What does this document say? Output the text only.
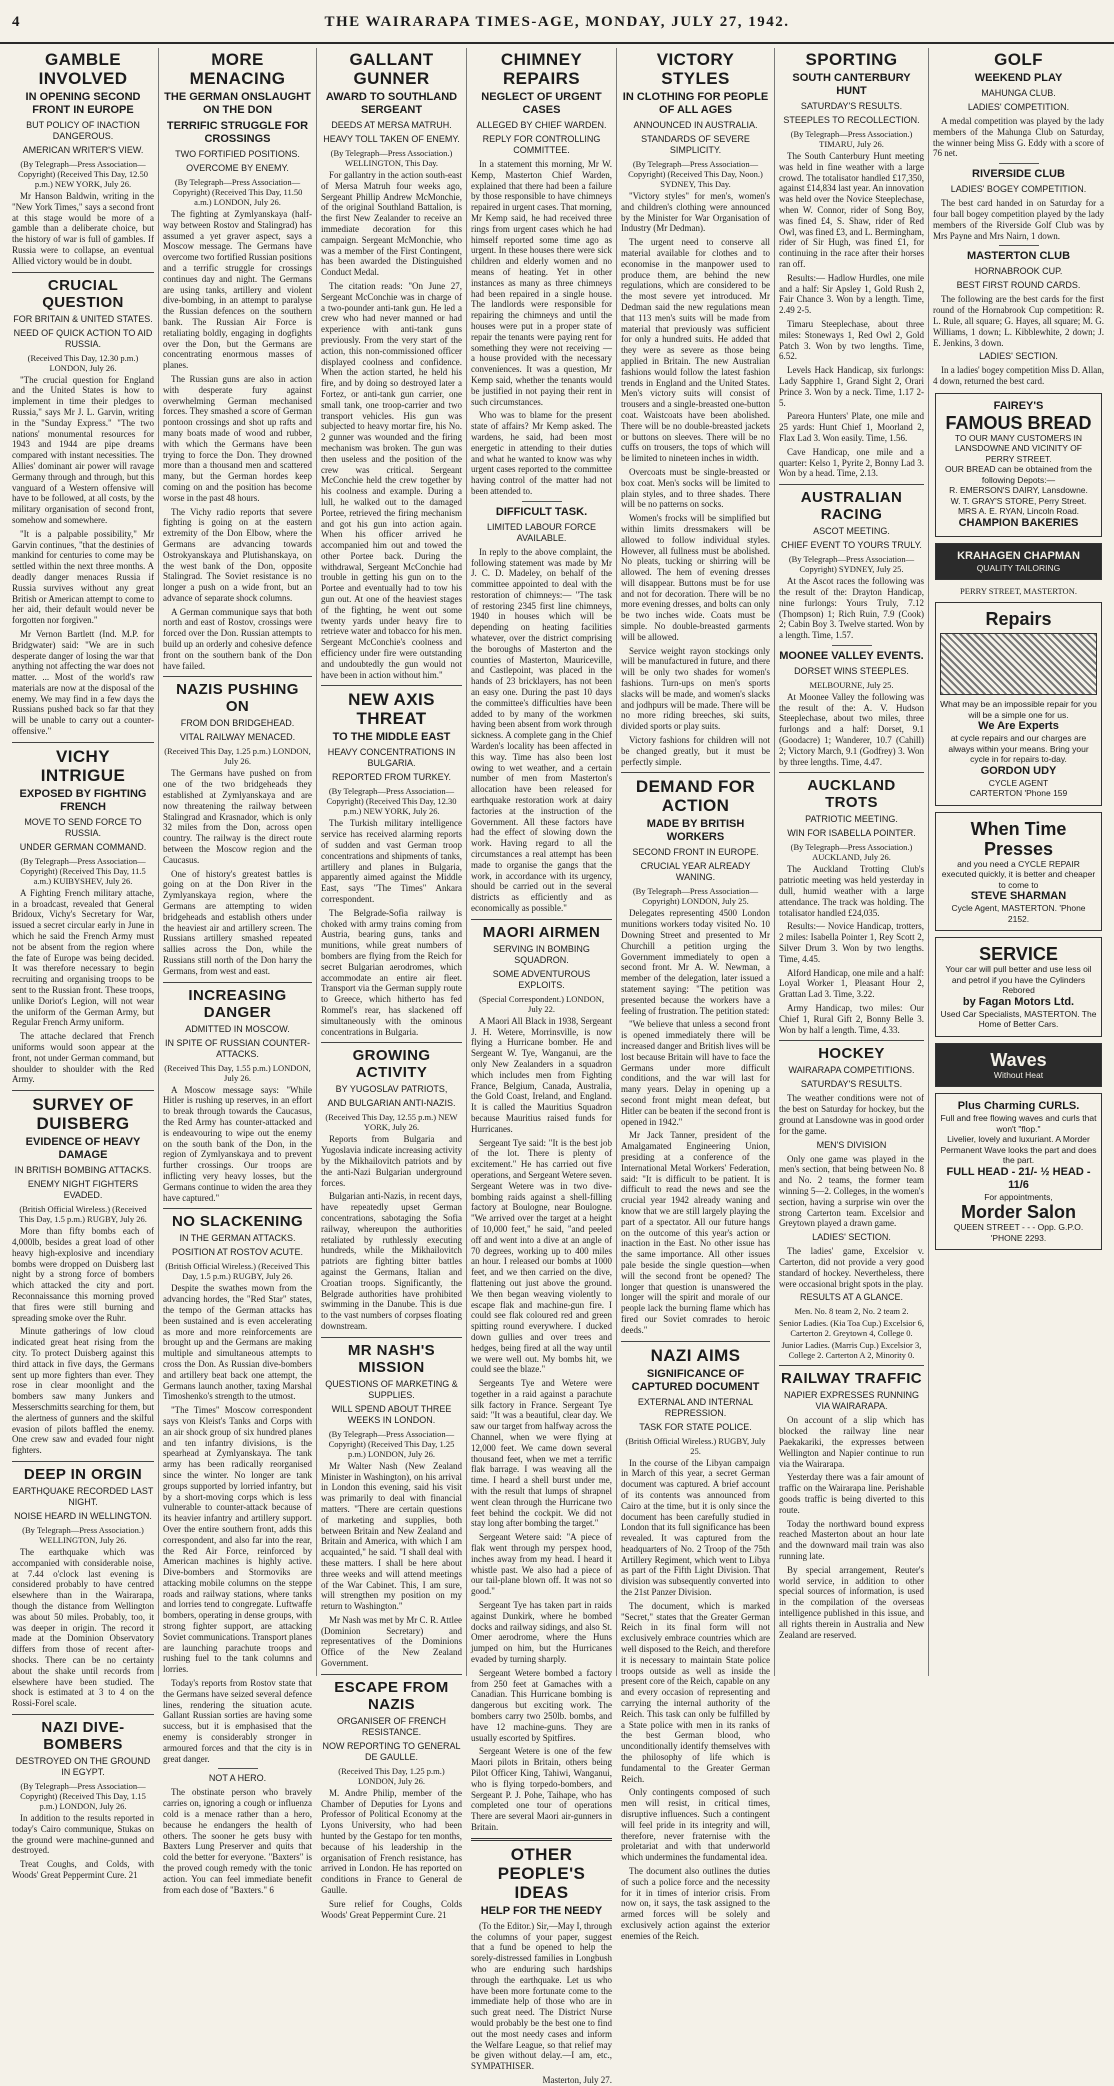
4	THE WAIRARAPA TIMES-AGE, MONDAY, JULY 27, 1942.
GAMBLE INVOLVED
IN OPENING SECOND FRONT IN EUROPE
BUT POLICY OF INACTION DANGEROUS.
AMERICAN WRITER'S VIEW.
(By Telegraph—Press Association—Copyright) (Received This Day, 12.50 p.m.) NEW YORK, July 26.

Mr Hanson Baldwin, writing in the "New York Times," says a second front at this stage would be more of a gamble than a deliberate choice, but the history of war is full of gambles. If Russia were to collapse, an eventual Allied victory would be in doubt.

CRUCIAL QUESTION
FOR BRITAIN & UNITED STATES.
NEED OF QUICK ACTION TO AID RUSSIA.
(Received This Day, 12.30 p.m.) LONDON, July 26.

"The crucial question for England and the United States is how to implement in time their pledges to Russia," says Mr J. L. Garvin, writing in the "Sunday Express." "The two nations' monumental resources for 1943 and 1944 are pipe dreams compared with instant necessities. The Allies' dominant air power will ravage Germany through and through, but this vanguard of a Western offensive will have to be followed, at all costs, by the military organisation of second front, somehow and somewhere.

"It is a palpable possibility," Mr Garvin continues, "that the destinies of mankind for centuries to come may be settled within the next three months. A deadly danger menaces Russia if Russia survives without any great British or American attempt to come to her aid, their default would never be forgotten nor forgiven."

Mr Vernon Bartlett (Ind. M.P. for Bridgwater) said: "We are in such desperate danger of losing the war that anything not affecting the war does not matter. ... Most of the world's raw materials are now at the disposal of the enemy. We may find in a few days the Russians pushed back so far that they will be unable to carry out a counter-offensive."

VICHY INTRIGUE
EXPOSED BY FIGHTING FRENCH
MOVE TO SEND FORCE TO RUSSIA.
UNDER GERMAN COMMAND.
(By Telegraph—Press Association—Copyright) (Received This Day, 11.5 a.m.) KUIBYSHEV, July 26.

A Fighting French military attache, in a broadcast, revealed that General Bridoux, Vichy's Secretary for War, issued a secret circular early in June in which he said the French Army must not be absent from the region where the fate of Europe was being decided. It was therefore necessary to begin recruiting and organising troops to be sent to the Russian front. These troops, unlike Doriot's Legion, will not wear the uniform of the German Army, but Regular French Army uniform.

The attache declared that French uniforms would soon appear at the front, not under German command, but shoulder to shoulder with the Red Army.

SURVEY OF DUISBERG
EVIDENCE OF HEAVY DAMAGE
IN BRITISH BOMBING ATTACKS.
ENEMY NIGHT FIGHTERS EVADED.
(British Official Wireless.) (Received This Day, 1.5 p.m.) RUGBY, July 26.

More than fifty bombs each of 4,000lb, besides a great load of other heavy high-explosive and incendiary bombs were dropped on Duisberg last night by a strong force of bombers which attacked the city and port. Reconnaissance this morning proved that fires were still burning and spreading smoke over the Ruhr.

Minute gatherings of low cloud indicated great heat rising from the city. To protect Duisberg against this third attack in five days, the Germans sent up more fighters than ever. They rose in clear moonlight and the bombers saw many Junkers and Messerschmitts searching for them, but the alertness of gunners and the skilful evasion of pilots baffled the enemy. One crew saw and evaded four night fighters.

DEEP IN ORGIN
EARTHQUAKE RECORDED LAST NIGHT.
NOISE HEARD IN WELLINGTON.
(By Telegraph—Press Association.) WELLINGTON, July 26.

The earthquake which was accompanied with considerable noise, at 7.44 o'clock last evening is considered probably to have centred elsewhere than in the Wairarapa, though the distance from Wellington was about 50 miles. Probably, too, it was deeper in origin. The record it made at the Dominion Observatory differs from those of recent after-shocks. There can be no certainty about the shake until records from elsewhere have been studied. The shock is estimated at 3 to 4 on the Rossi-Forel scale.

NAZI DIVE-BOMBERS
DESTROYED ON THE GROUND IN EGYPT.
(By Telegraph—Press Association—Copyright) (Received This Day, 1.15 p.m.) LONDON, July 26.

In addition to the results reported in today's Cairo communique, Stukas on the ground were machine-gunned and destroyed.

Treat Coughs, and Colds, with Woods' Great Peppermint Cure. 21

MORE MENACING
THE GERMAN ONSLAUGHT ON THE DON
TERRIFIC STRUGGLE FOR CROSSINGS
TWO FORTIFIED POSITIONS.
OVERCOME BY ENEMY.
(By Telegraph—Press Association—Copyright) (Received This Day, 11.50 a.m.) LONDON, July 26.

The fighting at Zymlyanskaya (half-way between Rostov and Stalingrad) has assumed a yet graver aspect, says a Moscow message. The Germans have overcome two fortified Russian positions and a terrific struggle for crossings continues day and night. The Germans are using tanks, artillery and violent dive-bombing, in an attempt to paralyse the Russian defences on the southern bank. The Russian Air Force is retaliating boldly, engaging in dogfights over the Don, but the Germans are concentrating enormous masses of planes.

The Russian guns are also in action with desperate fury against overwhelming German mechanised forces. They smashed a score of German pontoon crossings and shot up rafts and many boats made of wood and rubber, with which the Germans have been trying to force the Don. They drowned more than a thousand men and scattered many, but the German hordes keep coming on and the position has become worse in the past 48 hours.

The Vichy radio reports that severe fighting is going on at the eastern extremity of the Don Elbow, where the Germans are advancing towards Ostrokyanskaya and Plutishanskaya, on the west bank of the Don, opposite Stalingrad. The Soviet resistance is no longer a push on a wide front, but an advance of separate shock columns.

A German communique says that both north and east of Rostov, crossings were forced over the Don. Russian attempts to build up an orderly and cohesive defence front on the southern bank of the Don have failed.

NAZIS PUSHING ON
FROM DON BRIDGEHEAD.
VITAL RAILWAY MENACED.
(Received This Day, 1.25 p.m.) LONDON, July 26.

The Germans have pushed on from one of the two bridgeheads they established at Zymlyanskaya and are now threatening the railway between Stalingrad and Krasnador, which is only 32 miles from the Don, across open country. The railway is the direct route between the Moscow region and the Caucasus.

One of history's greatest battles is going on at the Don River in the Zymlyanskaya region, where the Germans are attempting to widen bridgeheads and establish others under the heaviest air and artillery screen. The Russians artillery smashed repeated sallies across the Don, while the Russians still north of the Don harry the Germans, from west and east.

INCREASING DANGER
ADMITTED IN MOSCOW.
IN SPITE OF RUSSIAN COUNTER-ATTACKS.
(Received This Day, 1.55 p.m.) LONDON, July 26.

A Moscow message says: "While Hitler is rushing up reserves, in an effort to break through towards the Caucasus, the Red Army has counter-attacked and is endeavouring to wipe out the enemy on the south bank of the Don, in the region of Zymlyanskaya and to prevent further crossings. Our troops are inflicting very heavy losses, but the Germans continue to widen the area they have captured."

NO SLACKENING
IN THE GERMAN ATTACKS.
POSITION AT ROSTOV ACUTE.
(British Official Wireless.) (Received This Day, 1.5 p.m.) RUGBY, July 26.

Despite the swathes mown from the advancing hordes, the "Red Star" states, the tempo of the German attacks has been sustained and is even accelerating as more and more reinforcements are brought up and the Germans are making multiple and simultaneous attempts to cross the Don. As Russian dive-bombers and artillery beat back one attempt, the Germans launch another, taxing Marshal Timoshenko's strength to the utmost.

"The Times" Moscow correspondent says von Kleist's Tanks and Corps with an air shock group of six hundred planes and ten infantry divisions, is the spearhead at Zymlyanskaya. The tank army has been radically reorganised since the winter. No longer are tank groups supported by lorried infantry, but by a short-moving corps which is less vulnerable to counter-attack because of its heavier infantry and artillery support. Over the entire southern front, adds this correspondent, and also far into the rear, the Red Air Force, reinforced by American machines is highly active. Dive-bombers and Stormoviks are attacking mobile columns on the steppe roads and railway stations, where tanks and lorries tend to congregate. Luftwaffe bombers, operating in dense groups, with strong fighter support, are attacking Soviet communications. Transport planes are launching parachute troops and rushing fuel to the tank columns and lorries.

Today's reports from Rostov state that the Germans have seized several defence lines, rendering the situation acute. Gallant Russian sorties are having some success, but it is emphasised that the enemy is considerably stronger in armoured forces and that the city is in great danger.

NOT A HERO.

The obstinate person who bravely carries on, ignoring a cough or influenza cold is a menace rather than a hero, because he endangers the health of others. The sooner he gets busy with Baxters Lung Preserver and quits that cold the better for everyone. "Baxters" is the proved cough remedy with the tonic action. You can feel immediate benefit from each dose of "Baxters." 6

GALLANT GUNNER
AWARD TO SOUTHLAND SERGEANT
DEEDS AT MERSA MATRUH.
HEAVY TOLL TAKEN OF ENEMY.
(By Telegraph—Press Association.) WELLINGTON, This Day.

For gallantry in the action south-east of Mersa Matruh four weeks ago, Sergeant Phillip Andrew McMonchie, of the original Southland Battalion, is the first New Zealander to receive an immediate decoration for this campaign. Sergeant McMonchie, who was a member of the First Contingent, has been awarded the Distinguished Conduct Medal.

The citation reads: "On June 27, Sergeant McConchie was in charge of a two-pounder anti-tank gun. He led a crew who had never manned or had experience with anti-tank guns previously. From the very start of the action, this non-commissioned officer displayed coolness and confidence. When the action started, he held his fire, and by doing so destroyed later a Fortez, or anti-tank gun carrier, one small tank, one troop-carrier and two transport vehicles. His gun was subjected to heavy mortar fire, his No. 2 gunner was wounded and the firing mechanism was broken. The gun was then useless and the position of the crew was critical. Sergeant McConchie held the crew together by his coolness and example. During a lull, he walked out to the damaged Portee, retrieved the firing mechanism and got his gun into action again. When his officer arrived he accompanied him out and towed the other Portee back. During the withdrawal, Sergeant McConchie had trouble in getting his gun on to the Portee and eventually had to tow his gun out. At one of the heaviest stages of the fighting, he went out some twenty yards under heavy fire to retrieve water and tobacco for his men. Sergeant McConchie's coolness and efficiency under fire were outstanding and undoubtedly the gun would not have been in action without him."

NEW AXIS THREAT
TO THE MIDDLE EAST
HEAVY CONCENTRATIONS IN BULGARIA.
REPORTED FROM TURKEY.
(By Telegraph—Press Association—Copyright) (Received This Day, 12.30 p.m.) NEW YORK, July 26.

The Turkish military intelligence service has received alarming reports of sudden and vast German troop concentrations and shipments of tanks, artillery and planes in Bulgaria, apparently aimed against the Middle East, says "The Times" Ankara correspondent.

The Belgrade-Sofia railway is choked with army trains coming from Austria, bearing guns, tanks and munitions, while great numbers of bombers are flying from the Reich for secret Bulgarian aerodromes, which accommodate an entire air fleet. Transport via the German supply route to Greece, which hitherto has fed Rommel's rear, has slackened off simultaneously with the ominous concentrations in Bulgaria.

GROWING ACTIVITY
BY YUGOSLAV PATRIOTS,
AND BULGARIAN ANTI-NAZIS.
(Received This Day, 12.55 p.m.) NEW YORK, July 26.

Reports from Bulgaria and Yugoslavia indicate increasing activity by the Mikhailovitch patriots and by the anti-Nazi Bulgarian underground forces.

Bulgarian anti-Nazis, in recent days, have repeatedly upset German concentrations, sabotaging the Sofia railway, whereupon the authorities retaliated by ruthlessly executing hundreds, while the Mikhailovitch patriots are fighting bitter battles against the Germans, Italian and Croatian troops. Significantly, the Belgrade authorities have prohibited swimming in the Danube. This is due to the vast numbers of corpses floating downstream.

MR NASH'S MISSION
QUESTIONS OF MARKETING & SUPPLIES.
WILL SPEND ABOUT THREE WEEKS IN LONDON.
(By Telegraph—Press Association—Copyright) (Received This Day, 1.25 p.m.) LONDON, July 26.

Mr Walter Nash (New Zealand Minister in Washington), on his arrival in London this evening, said his visit was primarily to deal with financial matters. "There are certain questions of marketing and supplies, both between Britain and New Zealand and Britain and America, with which I am acquainted," he said. "I shall deal with these matters. I shall be here about three weeks and will attend meetings of the War Cabinet. This, I am sure, will strengthen my position on my return to Washington."

Mr Nash was met by Mr C. R. Attlee (Dominion Secretary) and representatives of the Dominions Office of the New Zealand Government.

ESCAPE FROM NAZIS
ORGANISER OF FRENCH RESISTANCE.
NOW REPORTING TO GENERAL DE GAULLE.
(Received This Day, 1.25 p.m.) LONDON, July 26.

M. Andre Philip, member of the Chamber of Deputies for Lyons and Professor of Political Economy at the Lyons University, who had been hunted by the Gestapo for ten months, because of his leadership in the organisation of French resistance, has arrived in London. He has reported on conditions in France to General de Gaulle.

Sure relief for Coughs, Colds Woods' Great Peppermint Cure. 21

CHIMNEY REPAIRS
NEGLECT OF URGENT CASES
ALLEGED BY CHIEF WARDEN.
REPLY FOR CONTROLLING COMMITTEE.

In a statement this morning, Mr W. Kemp, Masterton Chief Warden, explained that there had been a failure by those responsible to have chimneys repaired in urgent cases. That morning, Mr Kemp said, he had received three rings from urgent cases which he had himself reported some time ago as urgent. In these houses there were sick children and elderly women and no means of heating. Yet in other instances as many as three chimneys had been repaired in a single house. The landlords were responsible for repairing the chimneys and until the houses were put in a proper state of repair the tenants were paying rent for something they were not receiving — a house provided with the necessary conveniences. It was a question, Mr Kemp said, whether the tenants would be justified in not paying their rent in such circumstances.

Who was to blame for the present state of affairs? Mr Kemp asked. The wardens, he said, had been most energetic in attending to their duties and what he wanted to know was why urgent cases reported to the committee having control of the matter had not been attended to.

DIFFICULT TASK.
LIMITED LABOUR FORCE AVAILABLE.

In reply to the above complaint, the following statement was made by Mr J. C. D. Madeley, on behalf of the committee appointed to deal with the restoration of chimneys:— "The task of restoring 2345 first line chimneys, 1940 in houses which will be depending on heating facilities whatever, over the district comprising the boroughs of Masterton and the counties of Masterton, Mauriceville, and Castlepoint, was placed in the hands of 23 bricklayers, has not been an easy one. During the past 10 days the committee's difficulties have been added to by many of the workmen having been absent from work through sickness. A complete gang in the Chief Warden's locality has been affected in this way. Time has also been lost owing to wet weather, and a certain number of men from Masterton's allocation have been released for earthquake restoration work at dairy factories at the instruction of the Government. All these factors have had the effect of slowing down the work. Having regard to all the circumstances a real attempt has been made to organise the gangs that the work, in accordance with its urgency, should be carried out in the several districts as efficiently and as economically as possible."

MAORI AIRMEN
SERVING IN BOMBING SQUADRON.
SOME ADVENTUROUS EXPLOITS.
(Special Correspondent.) LONDON, July 22.

A Maori All Black in 1938, Sergeant J. H. Wetere, Morrinsville, is now flying a Hurricane bomber. He and Sergeant W. Tye, Wanganui, are the only New Zealanders in a squadron which includes men from Fighting France, Belgium, Canada, Australia, the Gold Coast, Ireland, and England. It is called the Mauritius Squadron because Mauritius raised funds for Hurricanes.

Sergeant Tye said: "It is the best job of the lot. There is plenty of excitement." He has carried out five operations, and Sergeant Wetere seven. Sergeant Wetere was in two dive-bombing raids against a shell-filling factory at Boulogne, near Boulogne. "We arrived over the target at a height of 10,000 feet," he said, "and peeled off and went into a dive at an angle of 70 degrees, working up to 400 miles an hour. I released our bombs at 1000 feet, and we then carried on the dive, flattening out just above the ground. We then began weaving violently to escape flak and machine-gun fire. I could see flak coloured red and green spitting round everywhere. I ducked down gullies and over trees and hedges, being fired at all the way until we were well out. My bombs hit, we could see the blaze."

Sergeants Tye and Wetere were together in a raid against a parachute silk factory in France. Sergeant Tye said: "It was a beautiful, clear day. We saw our target from halfway across the Channel, when we were flying at 12,000 feet. We came down several thousand feet, when we met a terrific flak barrage. I was weaving all the time. I heard a shell burst under me, with the result that lumps of shrapnel went clean through the Hurricane two feet behind the cockpit. We did not stay long after bombing the target."

Sergeant Wetere said: "A piece of flak went through my perspex hood, inches away from my head. I heard it whistle past. We also had a piece of our tail-plane blown off. It was not so good."

Sergeant Tye has taken part in raids against Dunkirk, where he bombed docks and railway sidings, and also St. Omer aerodrome, where the Huns jumped on him, but the Hurricanes evaded by turning sharply.

Sergeant Wetere bombed a factory from 250 feet at Gamaches with a Canadian. This Hurricane bombing is dangerous but exciting work. The bombers carry two 250lb. bombs, and have 12 machine-guns. They are usually escorted by Spitfires.

Sergeant Wetere is one of the few Maori pilots in Britain, others being Pilot Officer King, Tahiwi, Wanganui, who is flying torpedo-bombers, and Sergeant P. J. Pohe, Taihape, who has completed one tour of operations There are several Maori air-gunners in Britain.

OTHER PEOPLE'S IDEAS
HELP FOR THE NEEDY

(To the Editor.) Sir,—May I, through the columns of your paper, suggest that a fund be opened to help the sorely-distressed families in Longbush who are enduring such hardships through the earthquake. Let us who have been more fortunate come to the immediate help of those who are in such great need. The District Nurse would probably be the best one to find out the most needy cases and inform the Welfare League, so that relief may be given without delay.—I am, etc., SYMPATHISER.

Masterton, July 27.
VICTORY STYLES
IN CLOTHING FOR PEOPLE OF ALL AGES
ANNOUNCED IN AUSTRALIA.
STANDARDS OF SEVERE SIMPLICITY.
(By Telegraph—Press Association—Copyright) (Received This Day, Noon.) SYDNEY, This Day.

"Victory styles" for men's, women's and children's clothing were announced by the Minister for War Organisation of Industry (Mr Dedman).

The urgent need to conserve all material available for clothes and to economise in the manpower used to produce them, are behind the new regulations, which are considered to be the most severe yet introduced. Mr Dedman said the new regulations mean that 113 men's suits will be made from material that previously was sufficient for only a hundred suits. He added that they were as severe as those being applied in Britain. The new Australian fashions would follow the latest fashion trends in England and the United States. Men's victory suits will consist of trousers and a single-breasted one-button coat. Waistcoats have been abolished. There will be no double-breasted jackets or buttons on sleeves. There will be no cuffs on trousers, the tops of which will be limited to nineteen inches in width.

Overcoats must be single-breasted or box coat. Men's socks will be limited to plain styles, and to three shades. There will be no patterns on socks.

Women's frocks will be simplified but within limits dressmakers will be allowed to follow individual styles. However, all fullness must be abolished. No pleats, tucking or shirring will be allowed. The hem of evening dresses will disappear. Buttons must be for use and not for decoration. There will be no more evening dresses, and bolts can only be two inches wide. Coats must be simple. No double-breasted garments will be allowed.

Service weight rayon stockings only will be manufactured in future, and there will be only two shades for women's fashions. Turn-ups on men's sports slacks will be made, and women's slacks and jodhpurs will be made. There will be no more riding breeches, ski suits, divided sports or play suits.

Victory fashions for children will not be changed greatly, but it must be perfectly simple.

DEMAND FOR ACTION
MADE BY BRITISH WORKERS
SECOND FRONT IN EUROPE.
CRUCIAL YEAR ALREADY WANING.
(By Telegraph—Press Association—Copyright) LONDON, July 25.

Delegates representing 4500 London munitions workers today visited No. 10 Downing Street and presented to Mr Churchill a petition urging the Government immediately to open a second front. Mr A. W. Newman, a member of the delegation, later issued a statement saying: "The petition was presented because the workers have a feeling of frustration. The petition stated:

"We believe that unless a second front is opened immediately there will be increased danger and British lives will be lost because Britain will have to face the Germans under more difficult conditions, and the war will last for many years. Delay in opening up a second front might mean defeat, but Hitler can be beaten if the second front is opened in 1942."

Mr Jack Tanner, president of the Amalgamated Engineering Union, presiding at a conference of the International Metal Workers' Federation, said: "It is difficult to be patient. It is difficult to read the news and see the crucial year 1942 already waning and know that we are still largely playing the part of a spectator. All our future hangs on the outcome of this year's action or inaction in the East. No other issue has the same importance. All other issues pale beside the single question—when will the second front be opened? The longer that question is unanswered the longer will the spirit and morale of our people lack the burning flame which has fired our Soviet comrades to heroic deeds."

NAZI AIMS
SIGNIFICANCE OF CAPTURED DOCUMENT
EXTERNAL AND INTERNAL REPRESSION.
TASK FOR STATE POLICE.
(British Official Wireless.) RUGBY, July 25.

In the course of the Libyan campaign in March of this year, a secret German document was captured. A brief account of its contents was announced from Cairo at the time, but it is only since the document has been carefully studied in London that its full significance has been revealed. It was captured from the headquarters of No. 2 Troop of the 75th Artillery Regiment, which went to Libya as part of the Fifth Light Division. That division was subsequently converted into the 21st Panzer Division.

The document, which is marked "Secret," states that the Greater German Reich in its final form will not exclusively embrace countries which are well disposed to the Reich, and therefore it is necessary to maintain State police troops outside as well as inside the present core of the Reich, capable on any and every occasion of representing and carrying the internal authority of the Reich. This task can only be fulfilled by a State police with men in its ranks of the best German blood, who unconditionally identify themselves with the philosophy of life which is fundamental to the Greater German Reich.

Only contingents composed of such men will resist, in critical times, disruptive influences. Such a contingent will feel pride in its integrity and will, therefore, never fraternise with the proletariat and with that underworld which undermines the fundamental idea.

The document also outlines the duties of such a police force and the necessity for it in times of interior crisis. From now on, it says, the task assigned to the armed forces will be solely and exclusively action against the exterior enemies of the Reich.

SPORTING
SOUTH CANTERBURY HUNT
SATURDAY'S RESULTS.
STEEPLES TO RECOLLECTION.
(By Telegraph—Press Association.) TIMARU, July 26.

The South Canterbury Hunt meeting was held in fine weather with a large crowd. The totalisator handled £17,350, against £14,834 last year. An innovation was held over the Novice Steeplechase, when W. Connor, rider of Song Boy, was fined £4, S. Shaw, rider of Red Owl, was fined £3, and L. Bermingham, rider of Sir Hugh, was fined £1, for continuing in the race after their horses ran off.

Results:— Hadlow Hurdles, one mile and a half: Sir Apsley 1, Gold Rush 2, Fair Chance 3. Won by a length. Time, 2.49 2-5.

Timaru Steeplechase, about three miles: Stoneways 1, Red Owl 2, Gold Patch 3. Won by two lengths. Time, 6.52.

Levels Hack Handicap, six furlongs: Lady Sapphire 1, Grand Sight 2, Orari Prince 3. Won by a neck. Time, 1.17 2-5.

Pareora Hunters' Plate, one mile and 25 yards: Hunt Chief 1, Moorland 2, Flax Lad 3. Won easily. Time, 1.56.

Cave Handicap, one mile and a quarter: Kelso 1, Pyrite 2, Bonny Lad 3. Won by a head. Time, 2.13.

AUSTRALIAN RACING
ASCOT MEETING.
CHIEF EVENT TO YOURS TRULY.
(By Telegraph—Press Association—Copyright) SYDNEY, July 25.

At the Ascot races the following was the result of the: Drayton Handicap, nine furlongs: Yours Truly, 7.12 (Thompson) 1; Rich Ruin, 7.9 (Cook) 2; Cabin Boy 3. Twelve started. Won by a length. Time, 1.57.

MOONEE VALLEY EVENTS.
DORSET WINS STEEPLES.
MELBOURNE, July 25.

At Moonee Valley the following was the result of the: A. V. Hudson Steeplechase, about two miles, three furlongs and a half: Dorset, 9.1 (Goodacre) 1; Wanderer, 10.7 (Cahill) 2; Victory March, 9.1 (Godfrey) 3. Won by three lengths. Time, 4.47.

AUCKLAND TROTS
PATRIOTIC MEETING.
WIN FOR ISABELLA POINTER.
(By Telegraph—Press Association.) AUCKLAND, July 26.

The Auckland Trotting Club's patriotic meeting was held yesterday in dull, humid weather with a large attendance. The track was holding. The totalisator handled £24,035.

Results:— Novice Handicap, trotters, 2 miles: Isabella Pointer 1, Rey Scott 2, Silver Drum 3. Won by two lengths. Time, 4.45.

Alford Handicap, one mile and a half: Loyal Worker 1, Pleasant Hour 2, Grattan Lad 3. Time, 3.22.

Army Handicap, two miles: Our Chief 1, Rural Gift 2, Bonny Belle 3. Won by half a length. Time, 4.33.

HOCKEY
WAIRARAPA COMPETITIONS.
SATURDAY'S RESULTS.

The weather conditions were not of the best on Saturday for hockey, but the ground at Lansdowne was in good order for the game.

MEN'S DIVISION

Only one game was played in the men's section, that being between No. 8 and No. 2 teams, the former team winning 5—2. Colleges, in the women's section, having a surprise win over the strong Carterton team. Excelsior and Greytown played a drawn game.

LADIES' SECTION.

The ladies' game, Excelsior v. Carterton, did not provide a very good standard of hockey. Nevertheless, there were occasional bright spots in the play.

RESULTS AT A GLANCE.
Men. No. 8 team 2, No. 2 team 2.
Senior Ladies. (Kia Toa Cup.) Excelsior 6, Carterton 2. Greytown 4, College 0.
Junior Ladies. (Marris Cup.) Excelsior 3, College 2. Carterton A 2, Minority 0.
RAILWAY TRAFFIC
NAPIER EXPRESSES RUNNING VIA WAIRARAPA.

On account of a slip which has blocked the railway line near Paekakariki, the expresses between Wellington and Napier continue to run via the Wairarapa.

Yesterday there was a fair amount of traffic on the Wairarapa line. Perishable goods traffic is being diverted to this route.

Today the northward bound express reached Masterton about an hour late and the downward mail train was also running late.

By special arrangement, Reuter's world service, in addition to other special sources of information, is used in the compilation of the overseas intelligence published in this issue, and all rights therein in Australia and New Zealand are reserved.

GOLF
WEEKEND PLAY
MAHUNGA CLUB.
LADIES' COMPETITION.

A medal competition was played by the lady members of the Mahunga Club on Saturday, the winner being Miss G. Eddy with a score of 76 net.

RIVERSIDE CLUB
LADIES' BOGEY COMPETITION.

The best card handed in on Saturday for a four ball bogey competition played by the lady members of the Riverside Golf Club was by Mrs Payne and Mrs Nairn, 1 down.

MASTERTON CLUB
HORNABROOK CUP.
BEST FIRST ROUND CARDS.

The following are the best cards for the first round of the Hornabrook Cup competition: R. L. Rule, all square; G. Hayes, all square; M. G. Williams, 1 down; L. Kibblewhite, 2 down; J. E. Jenkins, 3 down.

LADIES' SECTION.

In a ladies' bogey competition Miss D. Allan, 4 down, returned the best card.

FAIREY'S
FAMOUS BREAD
TO OUR MANY CUSTOMERS IN LANSDOWNE AND VICINITY OF PERRY STREET.
OUR BREAD can be obtained from the following Depots:—
R. EMERSON'S DAIRY, Lansdowne.
W. T. GRAY'S STORE, Perry Street.
MRS A. E. RYAN, Lincoln Road.
CHAMPION BAKERIES
KRAHAGEN CHAPMAN
QUALITY TAILORING
PERRY STREET, MASTERTON.
Repairs
What may be an impossible repair for you will be a simple one for us.
We Are Experts
at cycle repairs and our charges are always within your means. Bring your cycle in for repairs to-day.
GORDON UDY
CYCLE AGENT
CARTERTON 'Phone 159
When Time Presses
and you need a CYCLE REPAIR executed quickly, it is better and cheaper to come to
STEVE SHARMAN
Cycle Agent, MASTERTON. 'Phone 2152.
SERVICE
Your car will pull better and use less oil and petrol if you have the Cylinders Rebored
by Fagan Motors Ltd.
Used Car Specialists, MASTERTON. The Home of Better Cars.
Waves
Without Heat
Plus Charming CURLS.
Full and free flowing waves and curls that won't "flop."
Livelier, lovely and luxuriant. A Morder Permanent Wave looks the part and does the part.
FULL HEAD - 21/- ½ HEAD - 11/6
For appointments,
Morder Salon
QUEEN STREET - - - Opp. G.P.O. 'PHONE 2293.
